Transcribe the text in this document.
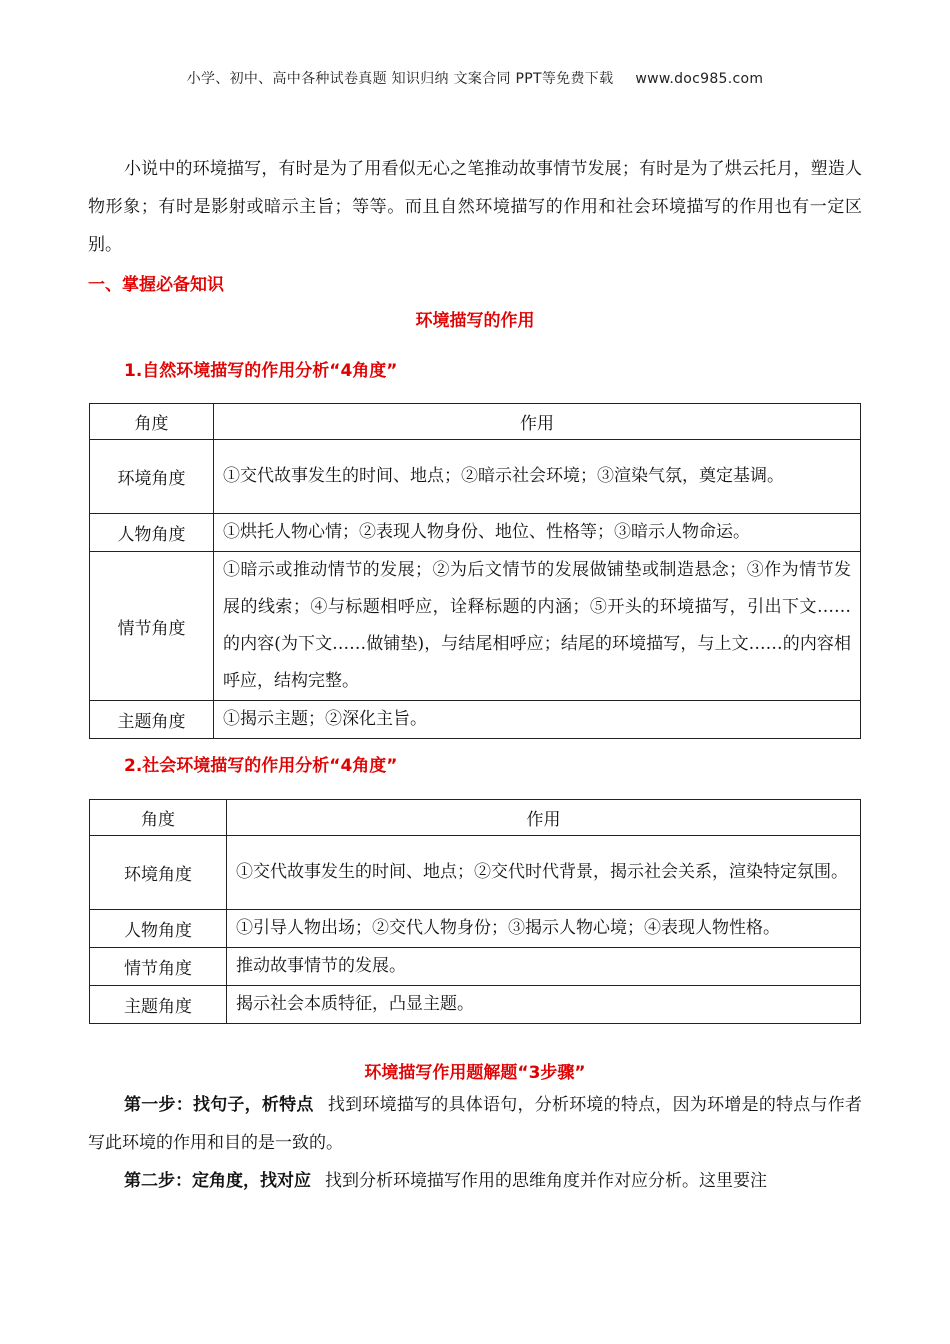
小学、初中、高中各种试卷真题 知识归纳 文案合同 PPT等免费下载 www.doc985.com

小说中的环境描写，有时是为了用看似无心之笔推动故事情节发展；有时是为了烘云托月，塑造人物形象；有时是影射或暗示主旨；等等。而且自然环境描写的作用和社会环境描写的作用也有一定区别。

一、掌握必备知识
环境描写的作用
1.自然环境描写的作用分析“4角度”
角度	作用
环境角度	①交代故事发生的时间、地点；②暗示社会环境；③渲染气氛，奠定基调。
人物角度	①烘托人物心情；②表现人物身份、地位、性格等；③暗示人物命运。
情节角度	①暗示或推动情节的发展；②为后文情节的发展做铺垫或制造悬念；③作为情节发展的线索；④与标题相呼应，诠释标题的内涵；⑤开头的环境描写，引出下文……的内容(为下文……做铺垫)，与结尾相呼应；结尾的环境描写，与上文……的内容相呼应，结构完整。
主题角度	①揭示主题；②深化主旨。
2.社会环境描写的作用分析“4角度”
角度	作用
环境角度	①交代故事发生的时间、地点；②交代时代背景，揭示社会关系，渲染特定氛围。
人物角度	①引导人物出场；②交代人物身份；③揭示人物心境；④表现人物性格。
情节角度	推动故事情节的发展。
主题角度	揭示社会本质特征，凸显主题。
环境描写作用题解题“3步骤”

第一步：找句子，析特点 找到环境描写的具体语句，分析环境的特点，因为环增是的特点与作者写此环境的作用和目的是一致的。

第二步：定角度，找对应 找到分析环境描写作用的思维角度并作对应分析。这里要注
